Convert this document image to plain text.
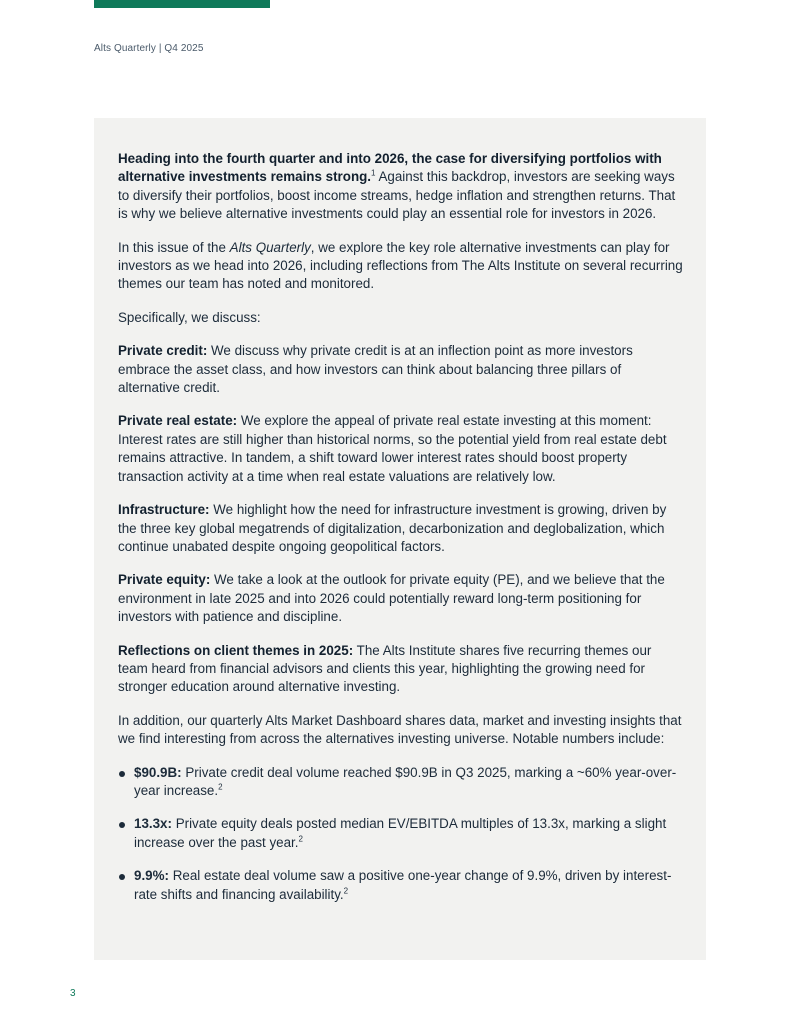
Alts Quarterly | Q4 2025

Heading into the fourth quarter and into 2026, the case for diversifying portfolios with alternative investments remains strong.$^1$ Against this backdrop, investors are seeking ways to diversify their portfolios, boost income streams, hedge inflation and strengthen returns. That is why we believe alternative investments could play an essential role for investors in 2026.

In this issue of the Alts Quarterly, we explore the key role alternative investments can play for investors as we head into 2026, including reflections from The Alts Institute on several recurring themes our team has noted and monitored.

Specifically, we discuss:

Private credit: We discuss why private credit is at an inflection point as more investors embrace the asset class, and how investors can think about balancing three pillars of alternative credit.

Private real estate: We explore the appeal of private real estate investing at this moment: Interest rates are still higher than historical norms, so the potential yield from real estate debt remains attractive. In tandem, a shift toward lower interest rates should boost property transaction activity at a time when real estate valuations are relatively low.

Infrastructure: We highlight how the need for infrastructure investment is growing, driven by the three key global megatrends of digitalization, decarbonization and deglobalization, which continue unabated despite ongoing geopolitical factors.

Private equity: We take a look at the outlook for private equity (PE), and we believe that the environment in late 2025 and into 2026 could potentially reward long-term positioning for investors with patience and discipline.

Reflections on client themes in 2025: The Alts Institute shares five recurring themes our team heard from financial advisors and clients this year, highlighting the growing need for stronger education around alternative investing.

In addition, our quarterly Alts Market Dashboard shares data, market and investing insights that we find interesting from across the alternatives investing universe. Notable numbers include:

$90.9B: Private credit deal volume reached $90.9B in Q3 2025, marking a ~60% year-over-year increase.$^2$
13.3x: Private equity deals posted median EV/EBITDA multiples of 13.3x, marking a slight increase over the past year.$^2$
9.9%: Real estate deal volume saw a positive one-year change of 9.9%, driven by interest-rate shifts and financing availability.$^2$
3
